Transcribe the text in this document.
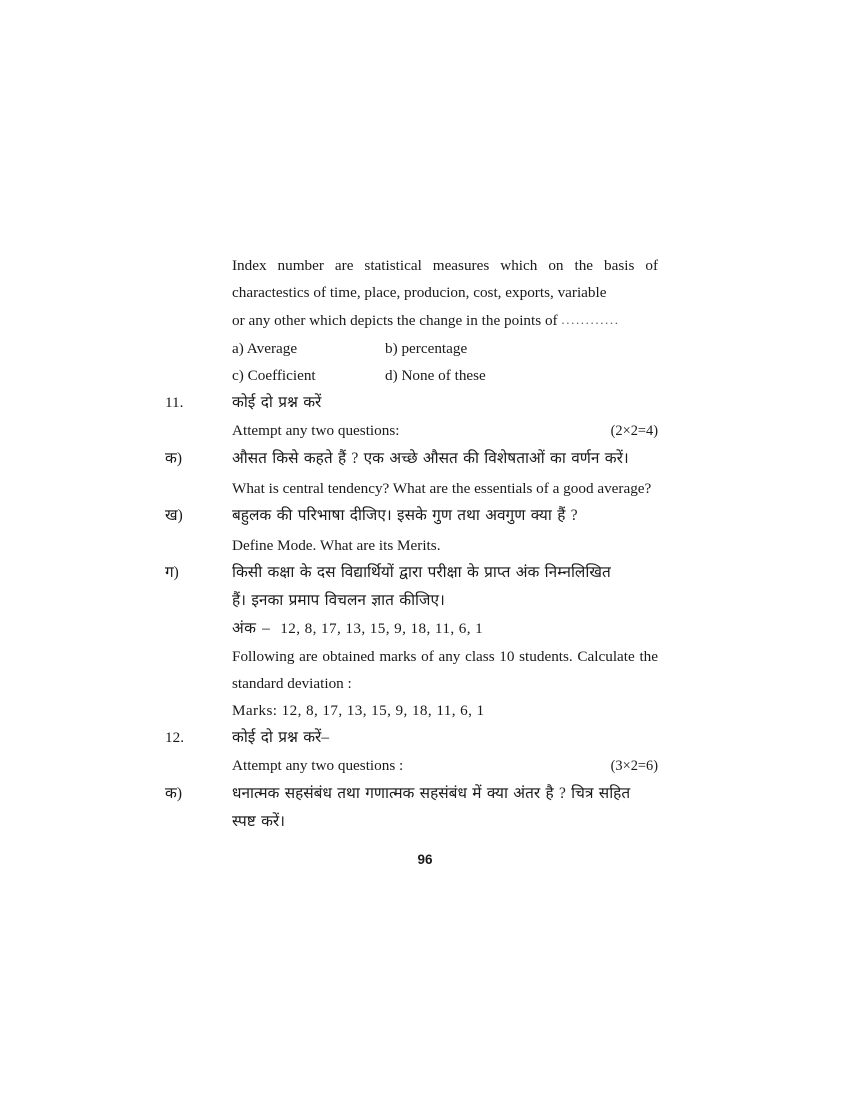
Index number are statistical measures which on the basis of charactestics of time, place, producion, cost, exports, variable
or any other which depicts the change in the points of ............
a) Average	b) percentage
c) Coefficient	d) None of these
11.	कोई दो प्रश्न करें
Attempt any two questions:	(2×2=4)
क)	औसत किसे कहते हैं ? एक अच्छे औसत की विशेषताओं का वर्णन करें।
What is central tendency? What are the essentials of a good average?
ख)	बहुलक की परिभाषा दीजिए। इसके गुण तथा अवगुण क्या हैं ?
Define Mode. What are its Merits.
ग)	किसी कक्षा के दस विद्यार्थियों द्वारा परीक्षा के प्राप्त अंक निम्नलिखित
हैं। इनका प्रमाप विचलन ज्ञात कीजिए।
अंक – 12, 8, 17, 13, 15, 9, 18, 11, 6, 1
Following are obtained marks of any class 10 students. Calculate the standard deviation :
Marks: 12, 8, 17, 13, 15, 9, 18, 11, 6, 1
12.	कोई दो प्रश्न करें–
Attempt any two questions :	(3×2=6)
क)	धनात्मक सहसंबंध तथा गणात्मक सहसंबंध में क्या अंतर है ? चित्र सहित
स्पष्ट करें।
96
